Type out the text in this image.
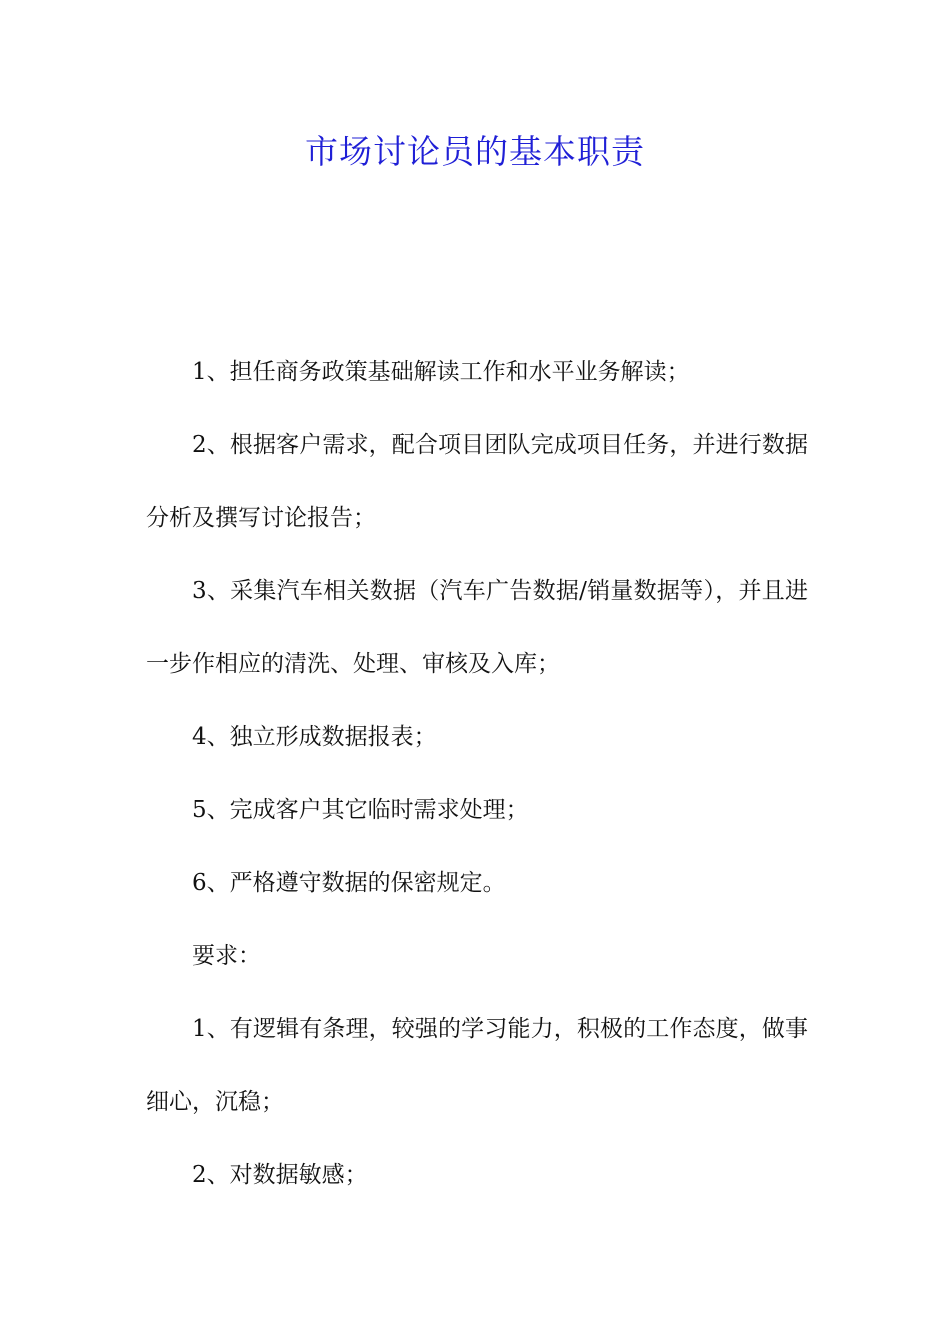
市场讨论员的基本职责

1、担任商务政策基础解读工作和水平业务解读；

2、根据客户需求，配合项目团队完成项目任务，并进行数据分析及撰写讨论报告；

3、采集汽车相关数据（汽车广告数据/销量数据等），并且进一步作相应的清洗、处理、审核及入库；

4、独立形成数据报表；

5、完成客户其它临时需求处理；

6、严格遵守数据的保密规定。

要求：

1、有逻辑有条理，较强的学习能力，积极的工作态度，做事细心，沉稳；

2、对数据敏感；
